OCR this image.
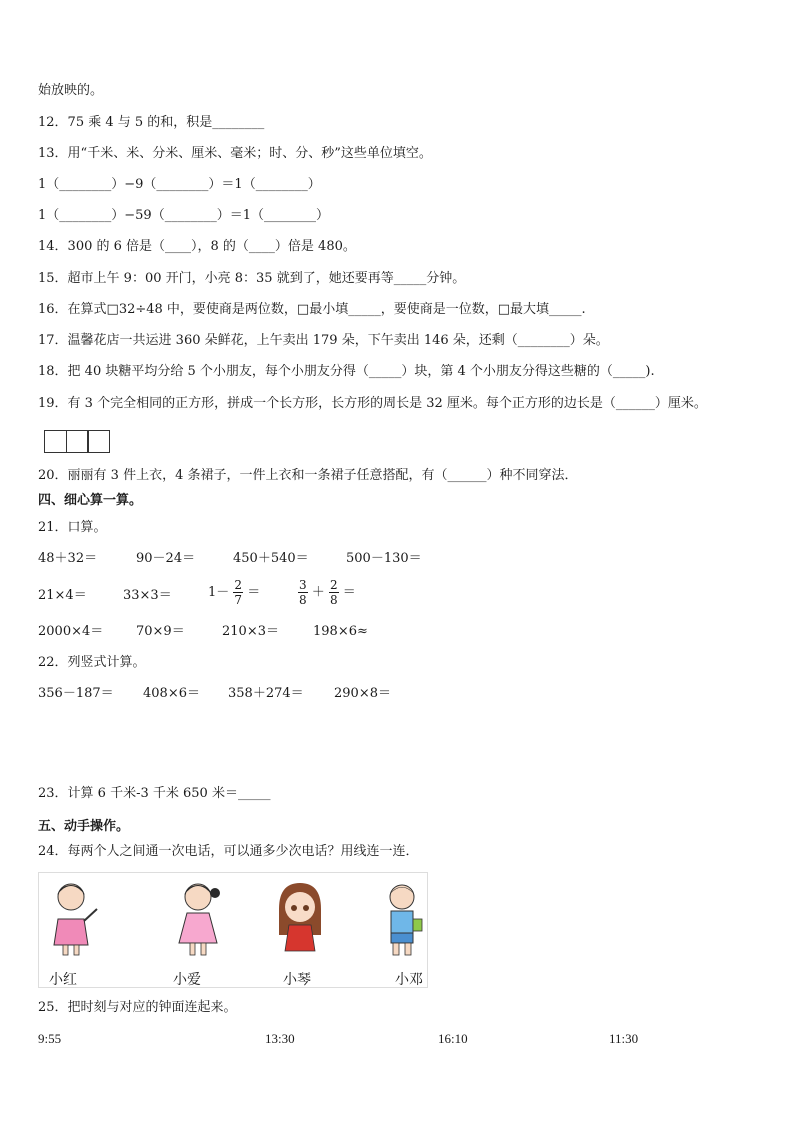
始放映的。
12．75 乘 4 与 5 的和，积是________
13．用“千米、米、分米、厘米、毫米；时、分、秒”这些单位填空。
1（________）−9（________）＝1（________）
1（________）−59（________）＝1（________）
14．300 的 6 倍是（____），8 的（____）倍是 480。
15．超市上午 9：00 开门，小亮 8：35 就到了，她还要再等_____分钟。
16．在算式□32÷48 中，要使商是两位数，□最小填_____，要使商是一位数，□最大填_____.
17．温馨花店一共运进 360 朵鲜花，上午卖出 179 朵，下午卖出 146 朵，还剩（________）朵。
18．把 40 块糖平均分给 5 个小朋友，每个小朋友分得（_____）块，第 4 个小朋友分得这些糖的（_____).
19．有 3 个完全相同的正方形，拼成一个长方形，长方形的周长是 32 厘米。每个正方形的边长是（______）厘米。
20．丽丽有 3 件上衣，4 条裙子，一件上衣和一条裙子任意搭配，有（______）种不同穿法．
四、细心算一算。
21．口算。
48＋32＝	90－24＝	450＋540＝	500－130＝
21×4＝	33×3＝	$1- \frac{2}{7}$ ＝	$\frac{3}{8} + \frac{2}{8}$ ＝
2000×4＝	70×9＝	210×3＝	198×6≈
22．列竖式计算。
356－187＝ 408×6＝ 358＋274＝ 290×8＝
23．计算 6 千米-3 千米 650 米＝_____
五、动手操作。
24．每两个人之间通一次电话，可以通多少次电话？用线连一连．
小红	小爱	小琴	小邓
25．把时刻与对应的钟面连起来。
9:55	13:30	16:10	11:30
